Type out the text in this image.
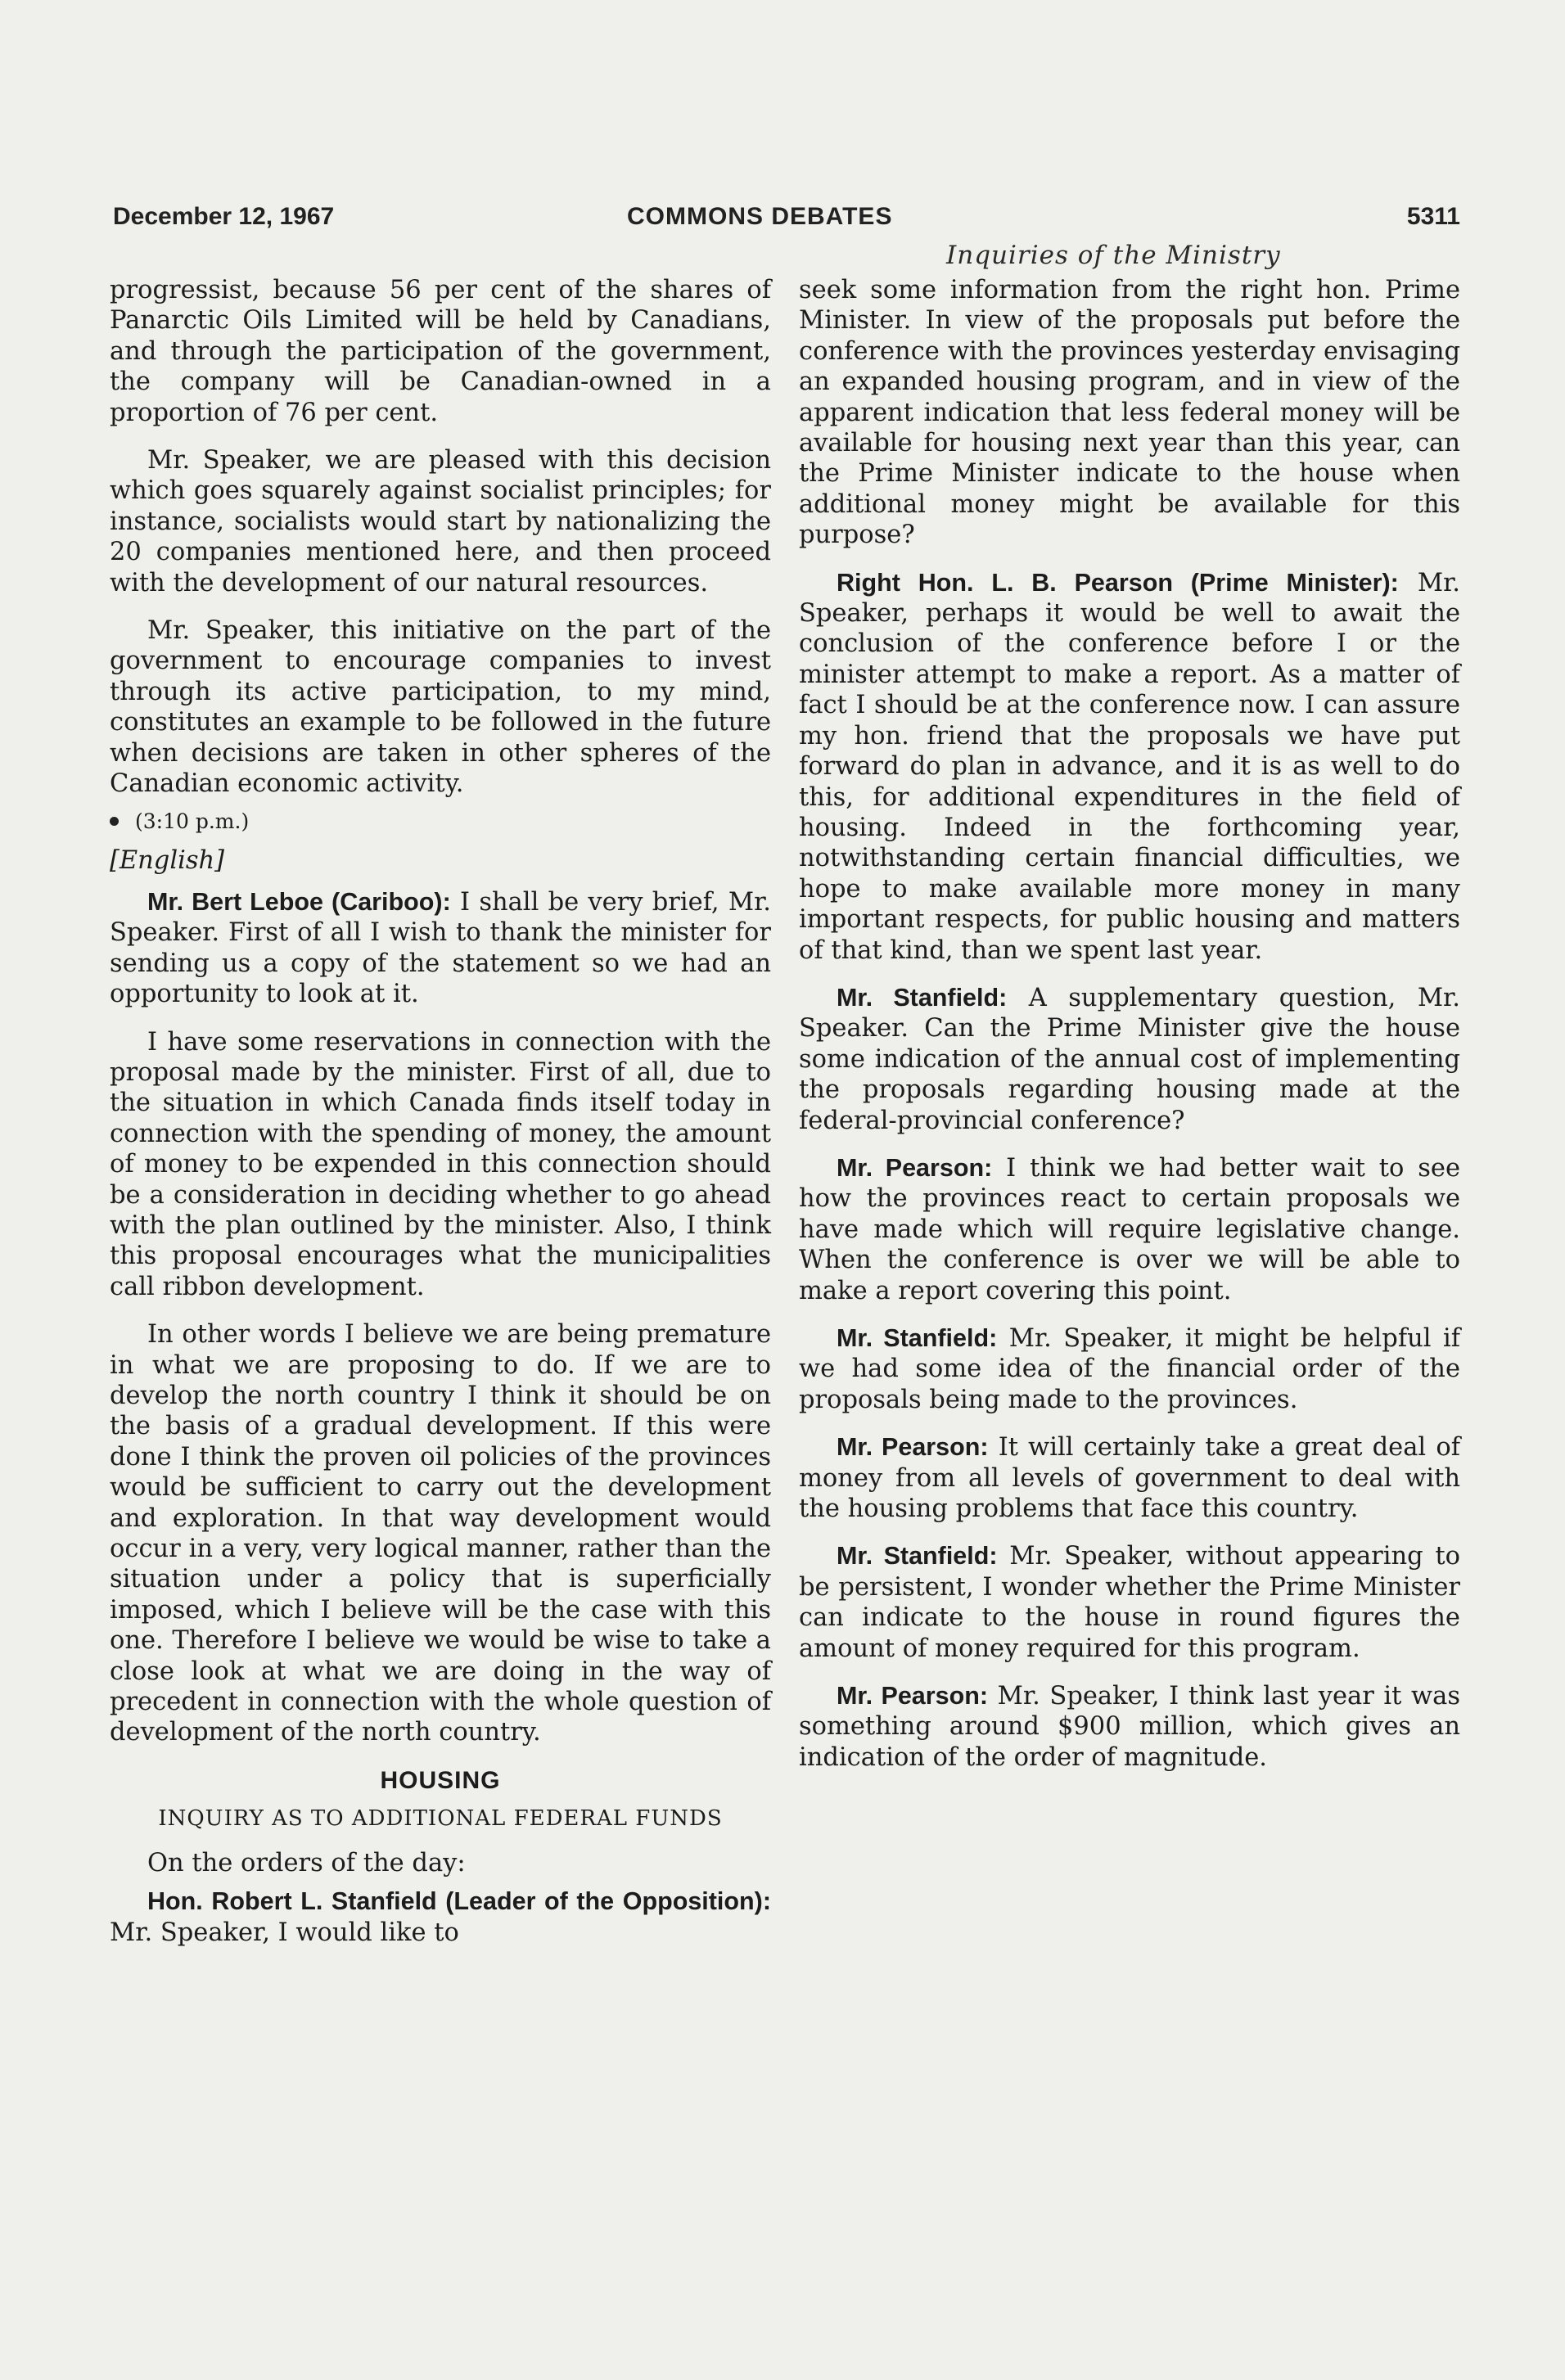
December 12, 1967	COMMONS DEBATES	5311
Inquiries of the Ministry

progressist, because 56 per cent of the shares of Panarctic Oils Limited will be held by Canadians, and through the participation of the government, the company will be Canadian-owned in a proportion of 76 per cent.

Mr. Speaker, we are pleased with this decision which goes squarely against socialist principles; for instance, socialists would start by nationalizing the 20 companies mentioned here, and then proceed with the development of our natural resources.

Mr. Speaker, this initiative on the part of the government to encourage companies to invest through its active participation, to my mind, constitutes an example to be followed in the future when decisions are taken in other spheres of the Canadian economic activity.

(3:10 p.m.)
[English]

Mr. Bert Leboe (Cariboo): I shall be very brief, Mr. Speaker. First of all I wish to thank the minister for sending us a copy of the statement so we had an opportunity to look at it.

I have some reservations in connection with the proposal made by the minister. First of all, due to the situation in which Canada finds itself today in connection with the spending of money, the amount of money to be expended in this connection should be a consideration in deciding whether to go ahead with the plan outlined by the minister. Also, I think this proposal encourages what the municipalities call ribbon development.

In other words I believe we are being premature in what we are proposing to do. If we are to develop the north country I think it should be on the basis of a gradual development. If this were done I think the proven oil policies of the provinces would be sufficient to carry out the development and exploration. In that way development would occur in a very, very logical manner, rather than the situation under a policy that is superficially imposed, which I believe will be the case with this one. Therefore I believe we would be wise to take a close look at what we are doing in the way of precedent in connection with the whole question of development of the north country.

HOUSING
INQUIRY AS TO ADDITIONAL FEDERAL FUNDS

On the orders of the day:

Hon. Robert L. Stanfield (Leader of the Opposition): Mr. Speaker, I would like to

seek some information from the right hon. Prime Minister. In view of the proposals put before the conference with the provinces yesterday envisaging an expanded housing program, and in view of the apparent indication that less federal money will be available for housing next year than this year, can the Prime Minister indicate to the house when additional money might be available for this purpose?

Right Hon. L. B. Pearson (Prime Minister): Mr. Speaker, perhaps it would be well to await the conclusion of the conference before I or the minister attempt to make a report. As a matter of fact I should be at the conference now. I can assure my hon. friend that the proposals we have put forward do plan in advance, and it is as well to do this, for additional expenditures in the field of housing. Indeed in the forthcoming year, notwithstanding certain financial difficulties, we hope to make available more money in many important respects, for public housing and matters of that kind, than we spent last year.

Mr. Stanfield: A supplementary question, Mr. Speaker. Can the Prime Minister give the house some indication of the annual cost of implementing the proposals regarding housing made at the federal-provincial conference?

Mr. Pearson: I think we had better wait to see how the provinces react to certain proposals we have made which will require legislative change. When the conference is over we will be able to make a report covering this point.

Mr. Stanfield: Mr. Speaker, it might be helpful if we had some idea of the financial order of the proposals being made to the provinces.

Mr. Pearson: It will certainly take a great deal of money from all levels of government to deal with the housing problems that face this country.

Mr. Stanfield: Mr. Speaker, without appearing to be persistent, I wonder whether the Prime Minister can indicate to the house in round figures the amount of money required for this program.

Mr. Pearson: Mr. Speaker, I think last year it was something around $900 million, which gives an indication of the order of magnitude.
